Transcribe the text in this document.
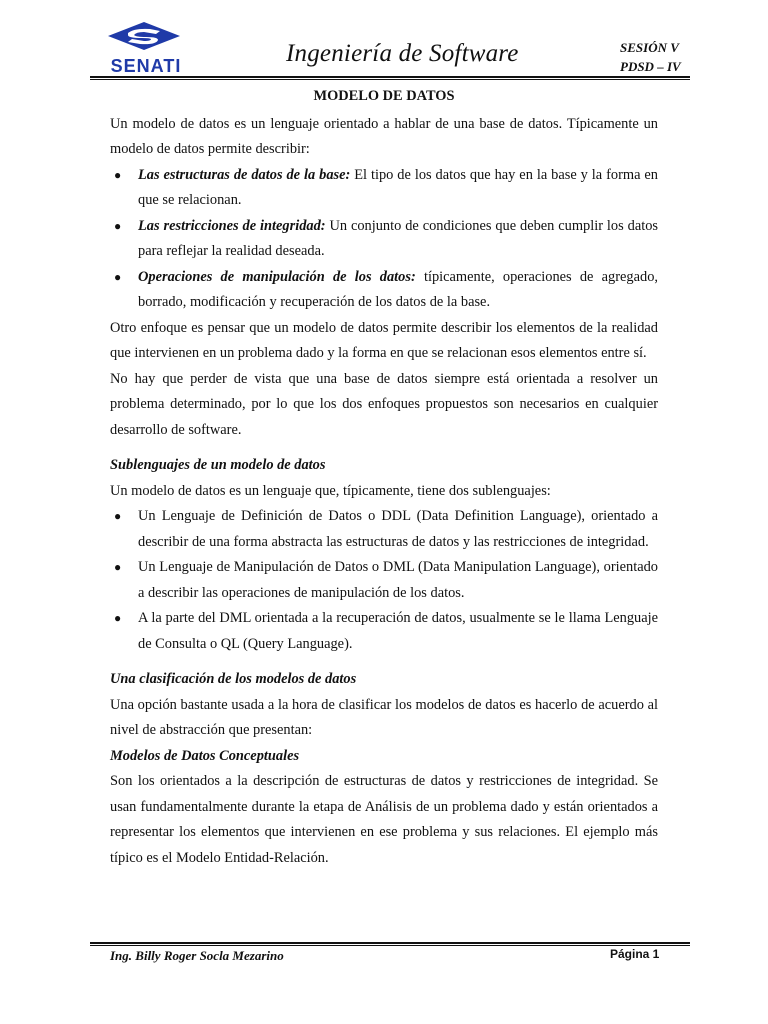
SENATI	Ingeniería de Software	SESIÓN V
PDSD – IV
MODELO DE DATOS

Un modelo de datos es un lenguaje orientado a hablar de una base de datos. Típicamente un modelo de datos permite describir:

● Las estructuras de datos de la base: El tipo de los datos que hay en la base y la forma en que se relacionan.
● Las restricciones de integridad: Un conjunto de condiciones que deben cumplir los datos para reflejar la realidad deseada.
● Operaciones de manipulación de los datos: típicamente, operaciones de agregado, borrado, modificación y recuperación de los datos de la base.

Otro enfoque es pensar que un modelo de datos permite describir los elementos de la realidad que intervienen en un problema dado y la forma en que se relacionan esos elementos entre sí.

No hay que perder de vista que una base de datos siempre está orientada a resolver un problema determinado, por lo que los dos enfoques propuestos son necesarios en cualquier desarrollo de software.

Sublenguajes de un modelo de datos

Un modelo de datos es un lenguaje que, típicamente, tiene dos sublenguajes:

● Un Lenguaje de Definición de Datos o DDL (Data Definition Language), orientado a describir de una forma abstracta las estructuras de datos y las restricciones de integridad.
● Un Lenguaje de Manipulación de Datos o DML (Data Manipulation Language), orientado a describir las operaciones de manipulación de los datos.
● A la parte del DML orientada a la recuperación de datos, usualmente se le llama Lenguaje de Consulta o QL (Query Language).
Una clasificación de los modelos de datos

Una opción bastante usada a la hora de clasificar los modelos de datos es hacerlo de acuerdo al nivel de abstracción que presentan:

Modelos de Datos Conceptuales

Son los orientados a la descripción de estructuras de datos y restricciones de integridad. Se usan fundamentalmente durante la etapa de Análisis de un problema dado y están orientados a representar los elementos que intervienen en ese problema y sus relaciones. El ejemplo más típico es el Modelo Entidad-Relación.

Ing. Billy Roger Socla Mezarino	Página 1
